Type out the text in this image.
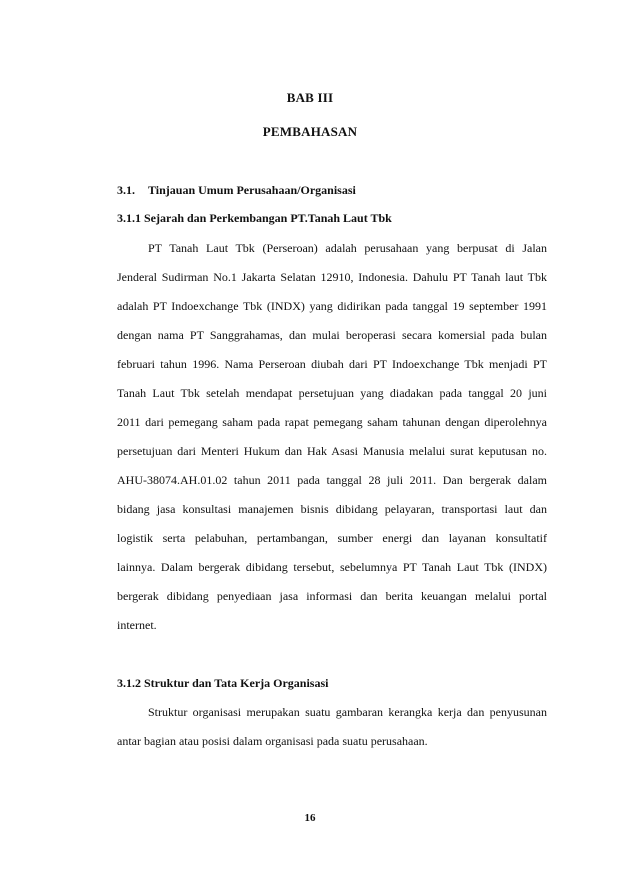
BAB III
PEMBAHASAN
3.1. Tinjauan Umum Perusahaan/Organisasi
3.1.1 Sejarah dan Perkembangan PT.Tanah Laut Tbk
PT Tanah Laut Tbk (Perseroan) adalah perusahaan yang berpusat di Jalan
Jenderal Sudirman No.1 Jakarta Selatan 12910, Indonesia. Dahulu PT Tanah laut Tbk
adalah PT Indoexchange Tbk (INDX) yang didirikan pada tanggal 19 september 1991
dengan nama PT Sanggrahamas, dan mulai beroperasi secara komersial pada bulan
februari tahun 1996. Nama Perseroan diubah dari PT Indoexchange Tbk menjadi PT
Tanah Laut Tbk setelah mendapat persetujuan yang diadakan pada tanggal 20 juni
2011 dari pemegang saham pada rapat pemegang saham tahunan dengan diperolehnya
persetujuan dari Menteri Hukum dan Hak Asasi Manusia melalui surat keputusan no.
AHU-38074.AH.01.02 tahun 2011 pada tanggal 28 juli 2011. Dan bergerak dalam
bidang jasa konsultasi manajemen bisnis dibidang pelayaran, transportasi laut dan
logistik serta pelabuhan, pertambangan, sumber energi dan layanan konsultatif
lainnya. Dalam bergerak dibidang tersebut, sebelumnya PT Tanah Laut Tbk (INDX)
bergerak dibidang penyediaan jasa informasi dan berita keuangan melalui portal
internet.
3.1.2 Struktur dan Tata Kerja Organisasi
Struktur organisasi merupakan suatu gambaran kerangka kerja dan penyusunan
antar bagian atau posisi dalam organisasi pada suatu perusahaan.
16
